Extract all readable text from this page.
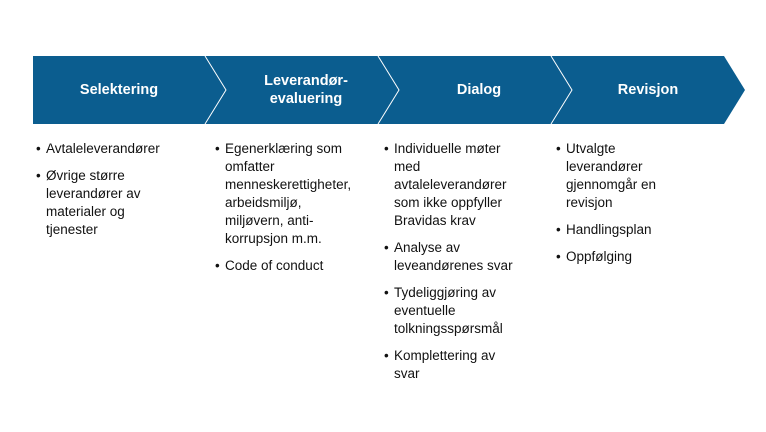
Selektering
Leverandør-
evaluering
Dialog	Revisjon
• Avtaleleverandører
• Øvrige større
leverandører av
materialer og
tjenester
• Egenerklæring som
omfatter
menneskerettigheter,
arbeidsmiljø,
miljøvern, anti-
korrupsjon m.m.
• Code of conduct
• Individuelle møter
med
avtaleleverandører
som ikke oppfyller
Bravidas krav
• Analyse av
leveandørenes svar
• Tydeliggjøring av
eventuelle
tolkningsspørsmål
• Komplettering av
svar
• Utvalgte
leverandører
gjennomgår en
revisjon
• Handlingsplan
• Oppfølging
